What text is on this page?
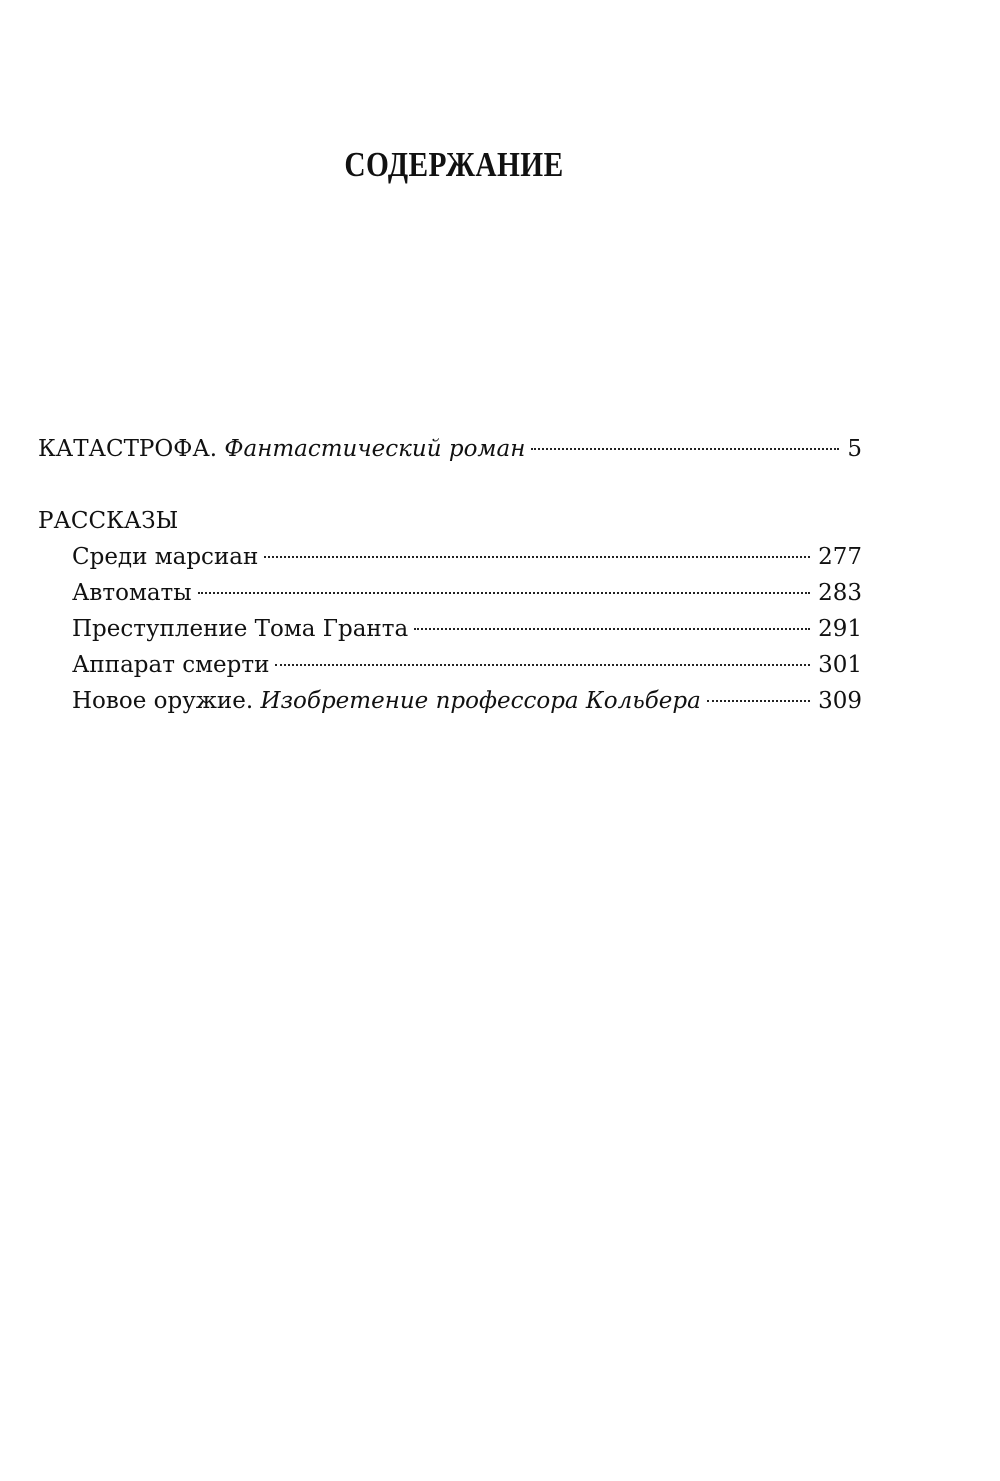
СОДЕРЖАНИЕ
КАТАСТРОФА. Фантастический роман	5
РАССКАЗЫ
Среди марсиан	277
Автоматы	283
Преступление Тома Гранта	291
Аппарат смерти	301
Новое оружие. Изобретение профессора Кольбера	309
